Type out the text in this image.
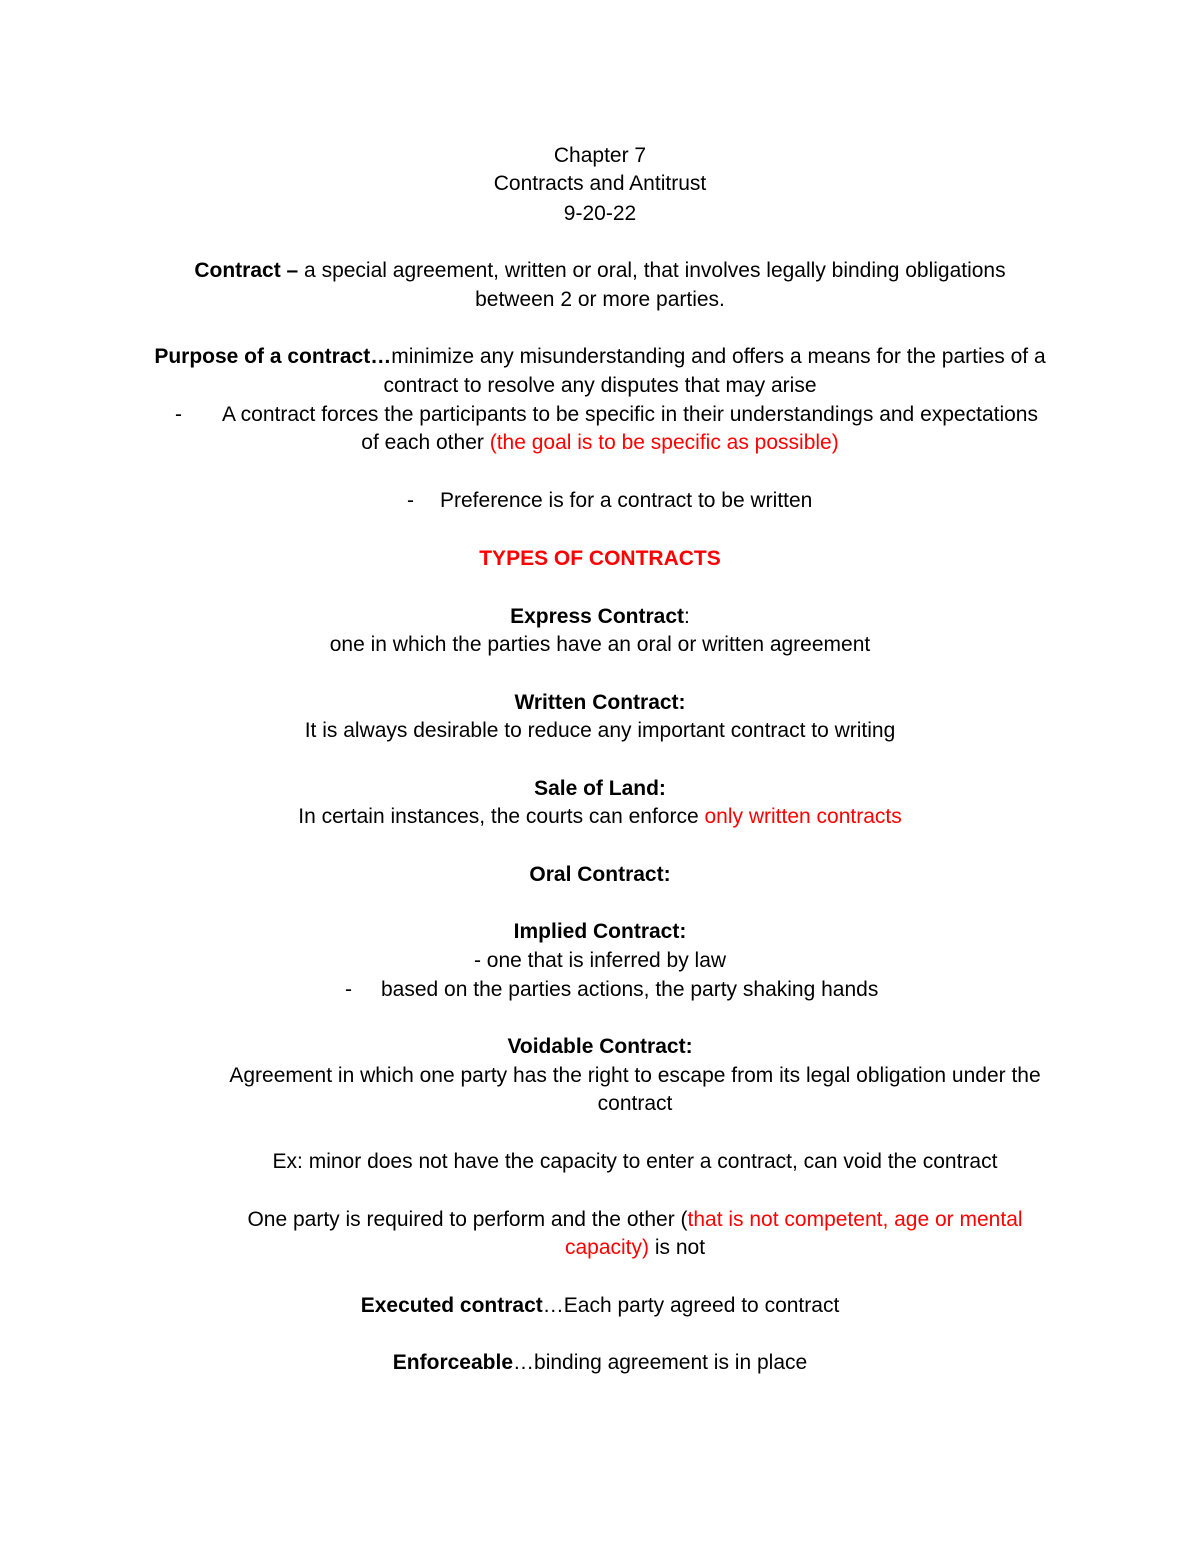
Chapter 7
Contracts and Antitrust
9-20-22
Contract – a special agreement, written or oral, that involves legally binding obligations
between 2 or more parties.
Purpose of a contract…minimize any misunderstanding and offers a means for the parties of a
contract to resolve any disputes that may arise
-	A contract forces the participants to be specific in their understandings and expectations
of each other (the goal is to be specific as possible)
- Preference is for a contract to be written
TYPES OF CONTRACTS
Express Contract:
one in which the parties have an oral or written agreement
Written Contract:
It is always desirable to reduce any important contract to writing
Sale of Land:
In certain instances, the courts can enforce only written contracts
Oral Contract:
Implied Contract:
- one that is inferred by law
- based on the parties actions, the party shaking hands
Voidable Contract:
Agreement in which one party has the right to escape from its legal obligation under the
contract
Ex: minor does not have the capacity to enter a contract, can void the contract
One party is required to perform and the other (that is not competent, age or mental
capacity) is not
Executed contract…Each party agreed to contract
Enforceable…binding agreement is in place
